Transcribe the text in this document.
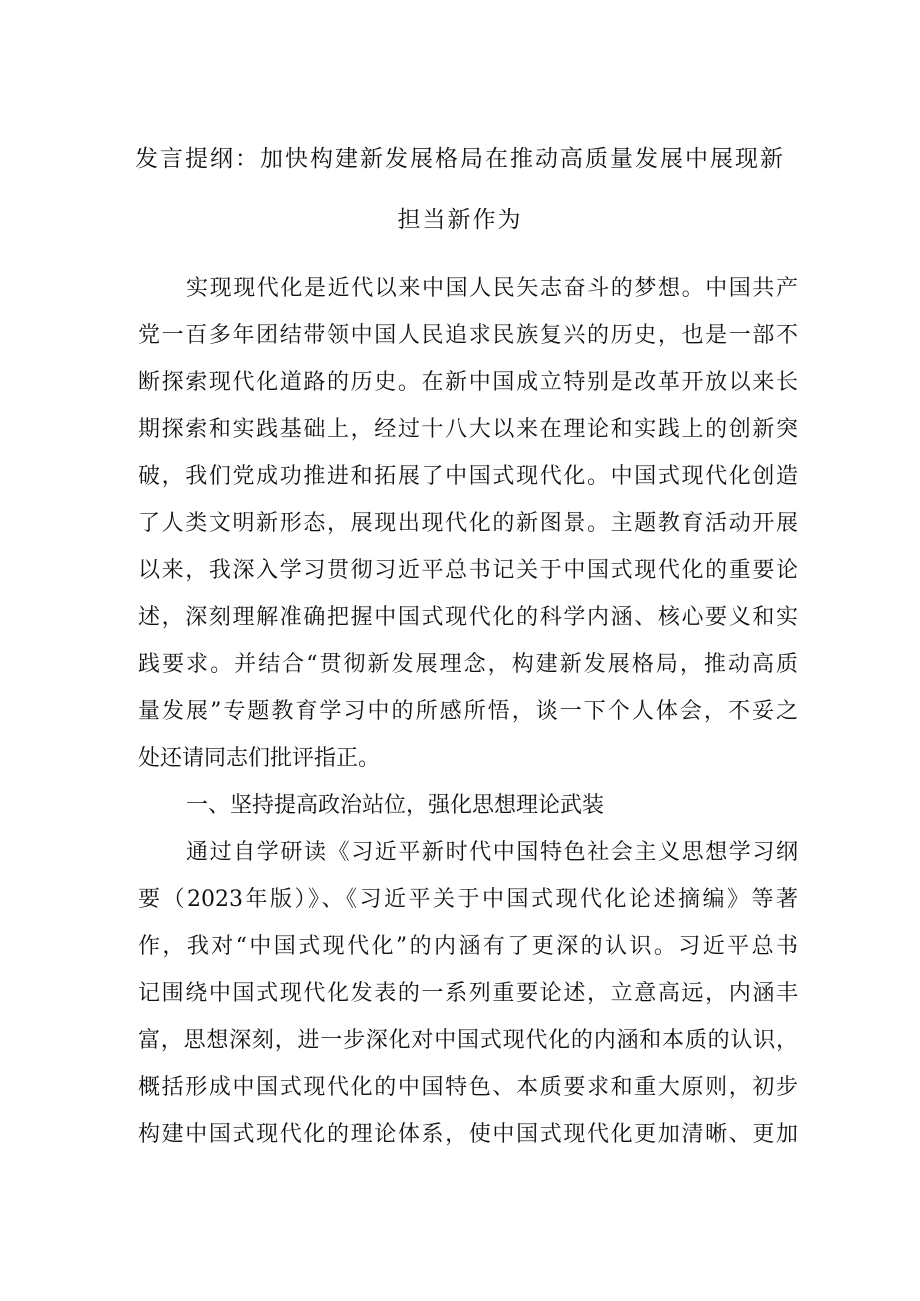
发言提纲：加快构建新发展格局在推动高质量发展中展现新
担当新作为
实现现代化是近代以来中国人民矢志奋斗的梦想。中国共产
党一百多年团结带领中国人民追求民族复兴的历史，也是一部不
断探索现代化道路的历史。在新中国成立特别是改革开放以来长
期探索和实践基础上，经过十八大以来在理论和实践上的创新突
破，我们党成功推进和拓展了中国式现代化。中国式现代化创造
了人类文明新形态，展现出现代化的新图景。主题教育活动开展
以来，我深入学习贯彻习近平总书记关于中国式现代化的重要论
述，深刻理解准确把握中国式现代化的科学内涵、核心要义和实
践要求。并结合“贯彻新发展理念，构建新发展格局，推动高质
量发展”专题教育学习中的所感所悟，谈一下个人体会，不妥之
处还请同志们批评指正。
一、坚持提高政治站位，强化思想理论武装
通过自学研读《习近平新时代中国特色社会主义思想学习纲
要（2023年版）》、《习近平关于中国式现代化论述摘编》等著
作，我对“中国式现代化”的内涵有了更深的认识。习近平总书
记围绕中国式现代化发表的一系列重要论述，立意高远，内涵丰
富，思想深刻，进一步深化对中国式现代化的内涵和本质的认识，
概括形成中国式现代化的中国特色、本质要求和重大原则，初步
构建中国式现代化的理论体系，使中国式现代化更加清晰、更加
